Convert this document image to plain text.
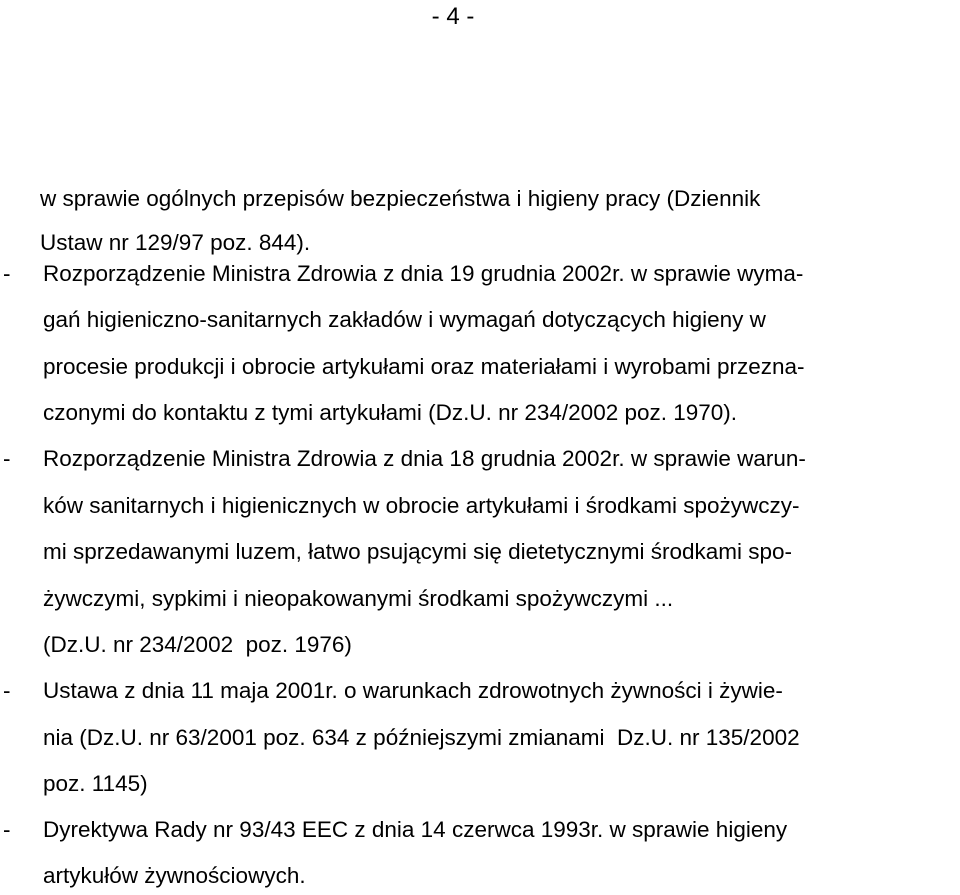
- 4 -
w sprawie ogólnych przepisów bezpieczeństwa i higieny pracy (Dziennik
Ustaw nr 129/97 poz. 844).
- Rozporządzenie Ministra Zdrowia z dnia 19 grudnia 2002r. w sprawie wyma-
gań higieniczno-sanitarnych zakładów i wymagań dotyczących higieny w
procesie produkcji i obrocie artykułami oraz materiałami i wyrobami przezna-
czonymi do kontaktu z tymi artykułami (Dz.U. nr 234/2002 poz. 1970).
- Rozporządzenie Ministra Zdrowia z dnia 18 grudnia 2002r. w sprawie warun-
ków sanitarnych i higienicznych w obrocie artykułami i środkami spożywczy-
mi sprzedawanymi luzem, łatwo psującymi się dietetycznymi środkami spo-
żywczymi, sypkimi i nieopakowanymi środkami spożywczymi ...
(Dz.U. nr 234/2002  poz. 1976)
- Ustawa z dnia 11 maja 2001r. o warunkach zdrowotnych żywności i żywie-
nia (Dz.U. nr 63/2001 poz. 634 z późniejszymi zmianami  Dz.U. nr 135/2002
poz. 1145)
- Dyrektywa Rady nr 93/43 EEC z dnia 14 czerwca 1993r. w sprawie higieny
artykułów żywnościowych.
